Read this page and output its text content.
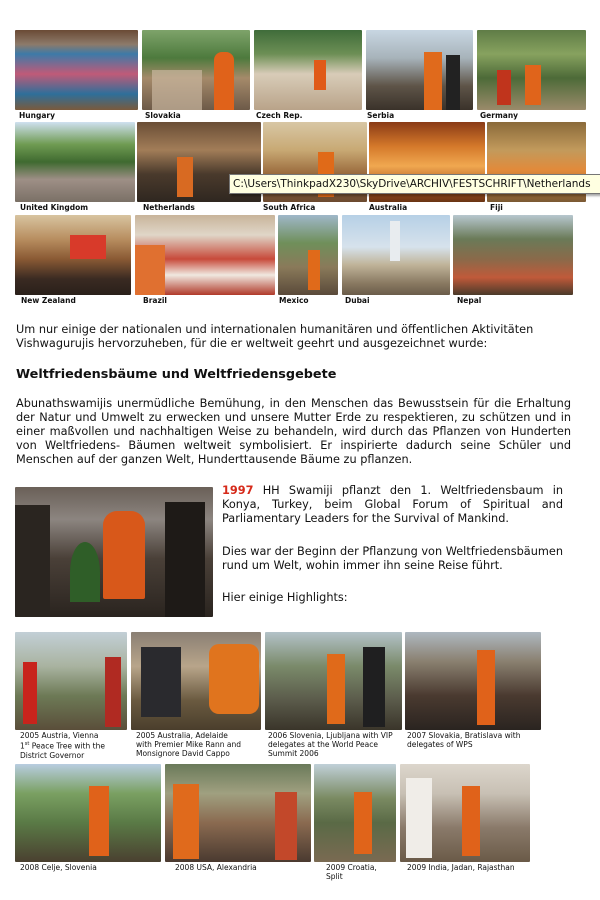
Hungary	Slovakia	Czech Rep.	Serbia	Germany
United Kingdom	Netherlands	South Africa	Australia	Fiji
C:\Users\ThinkpadX230\SkyDrive\ARCHIV\FESTSCHRIFT\Netherlands
New Zealand	Brazil	Mexico	Dubai	Nepal
Um nur einige der nationalen und internationalen humanitären und öffentlichen Aktivitäten Vishwagurujis hervorzuheben, für die er weltweit geehrt und ausgezeichnet wurde:
Weltfriedensbäume und Weltfriedensgebete
Abunathswamijis unermüdliche Bemühung, in den Menschen das Bewusstsein für die Erhaltung der Natur und Umwelt zu erwecken und unsere Mutter Erde zu respektieren, zu schützen und in einer maßvollen und nachhaltigen Weise zu behandeln, wird durch das Pflanzen von Hunderten von Weltfriedens- Bäumen weltweit symbolisiert. Er inspirierte dadurch seine Schüler und Menschen auf der ganzen Welt, Hunderttausende Bäume zu pflanzen.
1997 HH Swamiji pflanzt den 1. Weltfriedensbaum in Konya, Turkey, beim Global Forum of Spiritual and Parliamentary Leaders for the Survival of Mankind.
Dies war der Beginn der Pflanzung von Weltfriedensbäumen rund um Welt, wohin immer ihn seine Reise führt.
Hier einige Highlights:
2005 Austria, Vienna
1st Peace Tree with the
District Governor
2005 Australia, Adelaide
with Premier Mike Rann and
Monsignore David Cappo
2006 Slovenia, Ljubljana with VIP
delegates at the World Peace
Summit 2006
2007 Slovakia, Bratislava with
delegates of WPS
2008 Celje, Slovenia	2008 USA, Alexandria	2009 Croatia,
Split
2009 India, Jadan, Rajasthan
